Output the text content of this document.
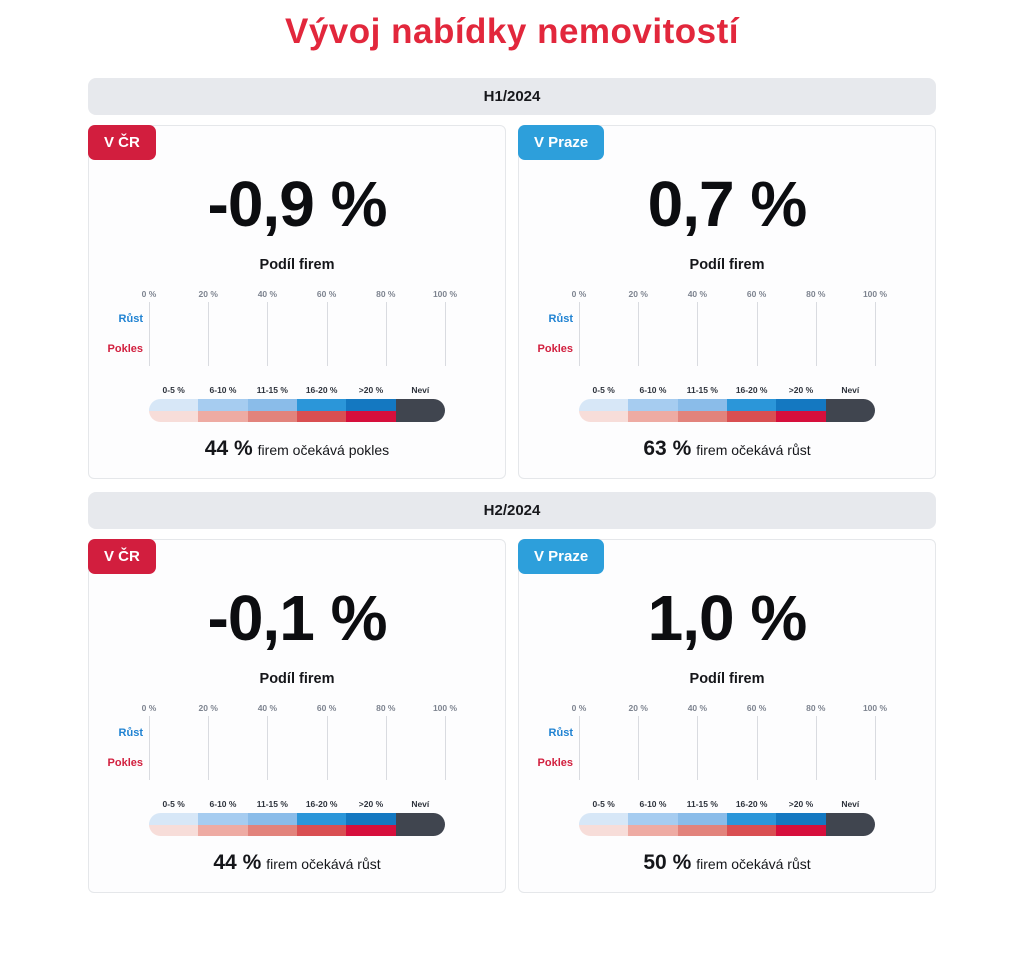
Vývoj nabídky nemovitostí
H1/2024
V ČR
-0,9 %
Podíl firem
0 %	20 %	40 %	60 %	80 %	100 %
Růst
Pokles
0-5 %	6-10 %	11-15 %	16-20 %	>20 %	Neví
44 % firem očekává pokles
V Praze
0,7 %
Podíl firem
0 %	20 %	40 %	60 %	80 %	100 %
Růst
Pokles
0-5 %	6-10 %	11-15 %	16-20 %	>20 %	Neví
63 % firem očekává růst
H2/2024
V ČR
-0,1 %
Podíl firem
0 %	20 %	40 %	60 %	80 %	100 %
Růst
Pokles
0-5 %	6-10 %	11-15 %	16-20 %	>20 %	Neví
44 % firem očekává růst
V Praze
1,0 %
Podíl firem
0 %	20 %	40 %	60 %	80 %	100 %
Růst
Pokles
0-5 %	6-10 %	11-15 %	16-20 %	>20 %	Neví
50 % firem očekává růst
